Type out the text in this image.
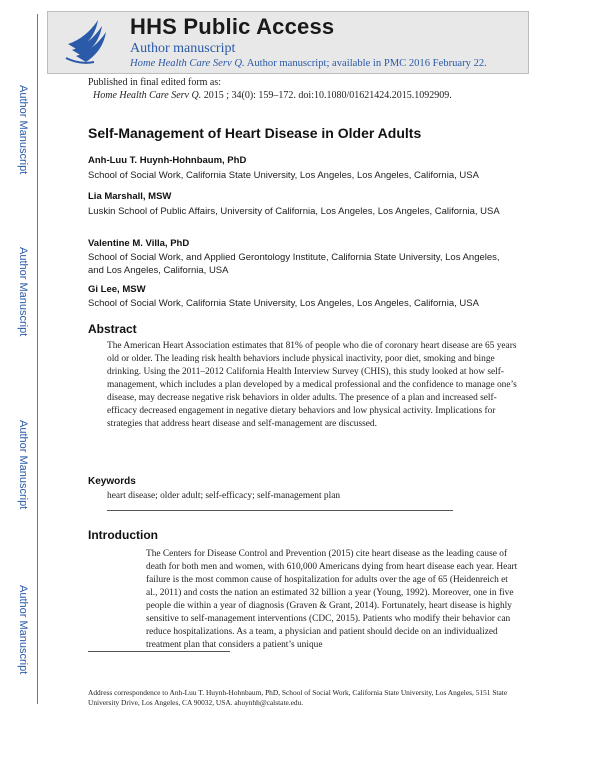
HHS Public Access
Author manuscript
Home Health Care Serv Q. Author manuscript; available in PMC 2016 February 22.
Published in final edited form as:
Home Health Care Serv Q. 2015 ; 34(0): 159–172. doi:10.1080/01621424.2015.1092909.
Author Manuscript
Author Manuscript
Author Manuscript
Author Manuscript
Self-Management of Heart Disease in Older Adults
Anh-Luu T. Huynh-Hohnbaum, PhD
School of Social Work, California State University, Los Angeles, Los Angeles, California, USA
Lia Marshall, MSW
Luskin School of Public Affairs, University of California, Los Angeles, Los Angeles, California, USA
Valentine M. Villa, PhD
School of Social Work, and Applied Gerontology Institute, California State University, Los Angeles, and Los Angeles, California, USA
Gi Lee, MSW
School of Social Work, California State University, Los Angeles, Los Angeles, California, USA
Abstract
The American Heart Association estimates that 81% of people who die of coronary heart disease are 65 years old or older. The leading risk health behaviors include physical inactivity, poor diet, smoking and binge drinking. Using the 2011–2012 California Health Interview Survey (CHIS), this study looked at how self-management, which includes a plan developed by a medical professional and the confidence to manage one’s disease, may decrease negative risk behaviors in older adults. The presence of a plan and increased self-efficacy decreased engagement in negative dietary behaviors and low physical activity. Implications for strategies that address heart disease and self-management are discussed.
Keywords
heart disease; older adult; self-efficacy; self-management plan
Introduction
The Centers for Disease Control and Prevention (2015) cite heart disease as the leading cause of death for both men and women, with 610,000 Americans dying from heart disease each year. Heart failure is the most common cause of hospitalization for adults over the age of 65 (Heidenreich et al., 2011) and costs the nation an estimated 32 billion a year (Young, 1992). Moreover, one in five people die within a year of diagnosis (Graven & Grant, 2014). Fortunately, heart disease is highly sensitive to self-management interventions (CDC, 2015). Patients who modify their behavior can reduce hospitalizations. As a team, a physician and patient should decide on an individualized treatment plan that considers a patient’s unique
Address correspondence to Anh-Luu T. Huynh-Hohnbaum, PhD, School of Social Work, California State University, Los Angeles, 5151 State University Drive, Los Angeles, CA 90032, USA. ahuynhh@calstate.edu.
